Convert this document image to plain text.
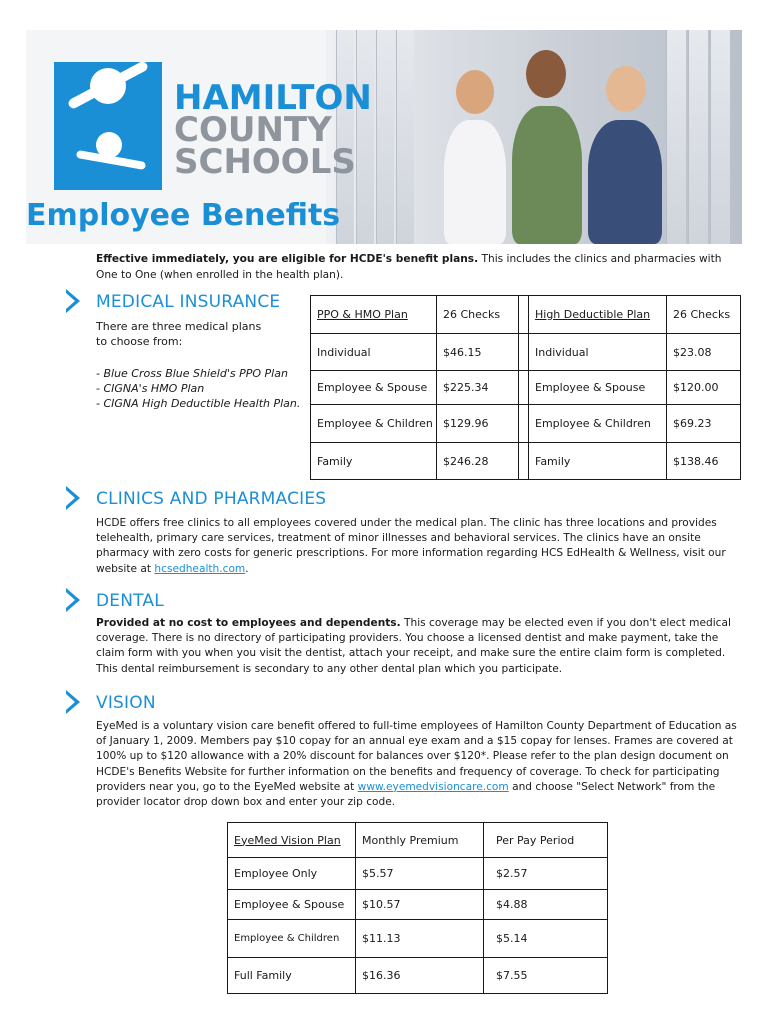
HAMILTON
COUNTY
SCHOOLS
Employee Benefits
Effective immediately, you are eligible for HCDE's benefit plans. This includes the clinics and pharmacies with One to One (when enrolled in the health plan).
MEDICAL INSURANCE
There are three medical plans
to choose from:
- Blue Cross Blue Shield's PPO Plan
- CIGNA's HMO Plan
- CIGNA High Deductible Health Plan.
PPO & HMO Plan	26 Checks		High Deductible Plan	26 Checks
Individual	$46.15		Individual	$23.08
Employee & Spouse	$225.34		Employee & Spouse	$120.00
Employee & Children	$129.96		Employee & Children	$69.23
Family	$246.28		Family	$138.46
CLINICS AND PHARMACIES
HCDE offers free clinics to all employees covered under the medical plan. The clinic has three locations and provides telehealth, primary care services, treatment of minor illnesses and behavioral services. The clinics have an onsite pharmacy with zero costs for generic prescriptions. For more information regarding HCS EdHealth & Wellness, visit our website at hcsedhealth.com.
DENTAL
Provided at no cost to employees and dependents. This coverage may be elected even if you don't elect medical coverage. There is no directory of participating providers. You choose a licensed dentist and make payment, take the claim form with you when you visit the dentist, attach your receipt, and make sure the entire claim form is completed. This dental reimbursement is secondary to any other dental plan which you participate.
VISION
EyeMed is a voluntary vision care benefit offered to full-time employees of Hamilton County Department of Education as of January 1, 2009. Members pay $10 copay for an annual eye exam and a $15 copay for lenses. Frames are covered at 100% up to $120 allowance with a 20% discount for balances over $120*. Please refer to the plan design document on HCDE's Benefits Website for further information on the benefits and frequency of coverage. To check for participating providers near you, go to the EyeMed website at www.eyemedvisioncare.com and choose "Select Network" from the provider locator drop down box and enter your zip code.
EyeMed Vision Plan	Monthly Premium	Per Pay Period
Employee Only	$5.57	$2.57
Employee & Spouse	$10.57	$4.88
Employee & Children	$11.13	$5.14
Full Family	$16.36	$7.55
